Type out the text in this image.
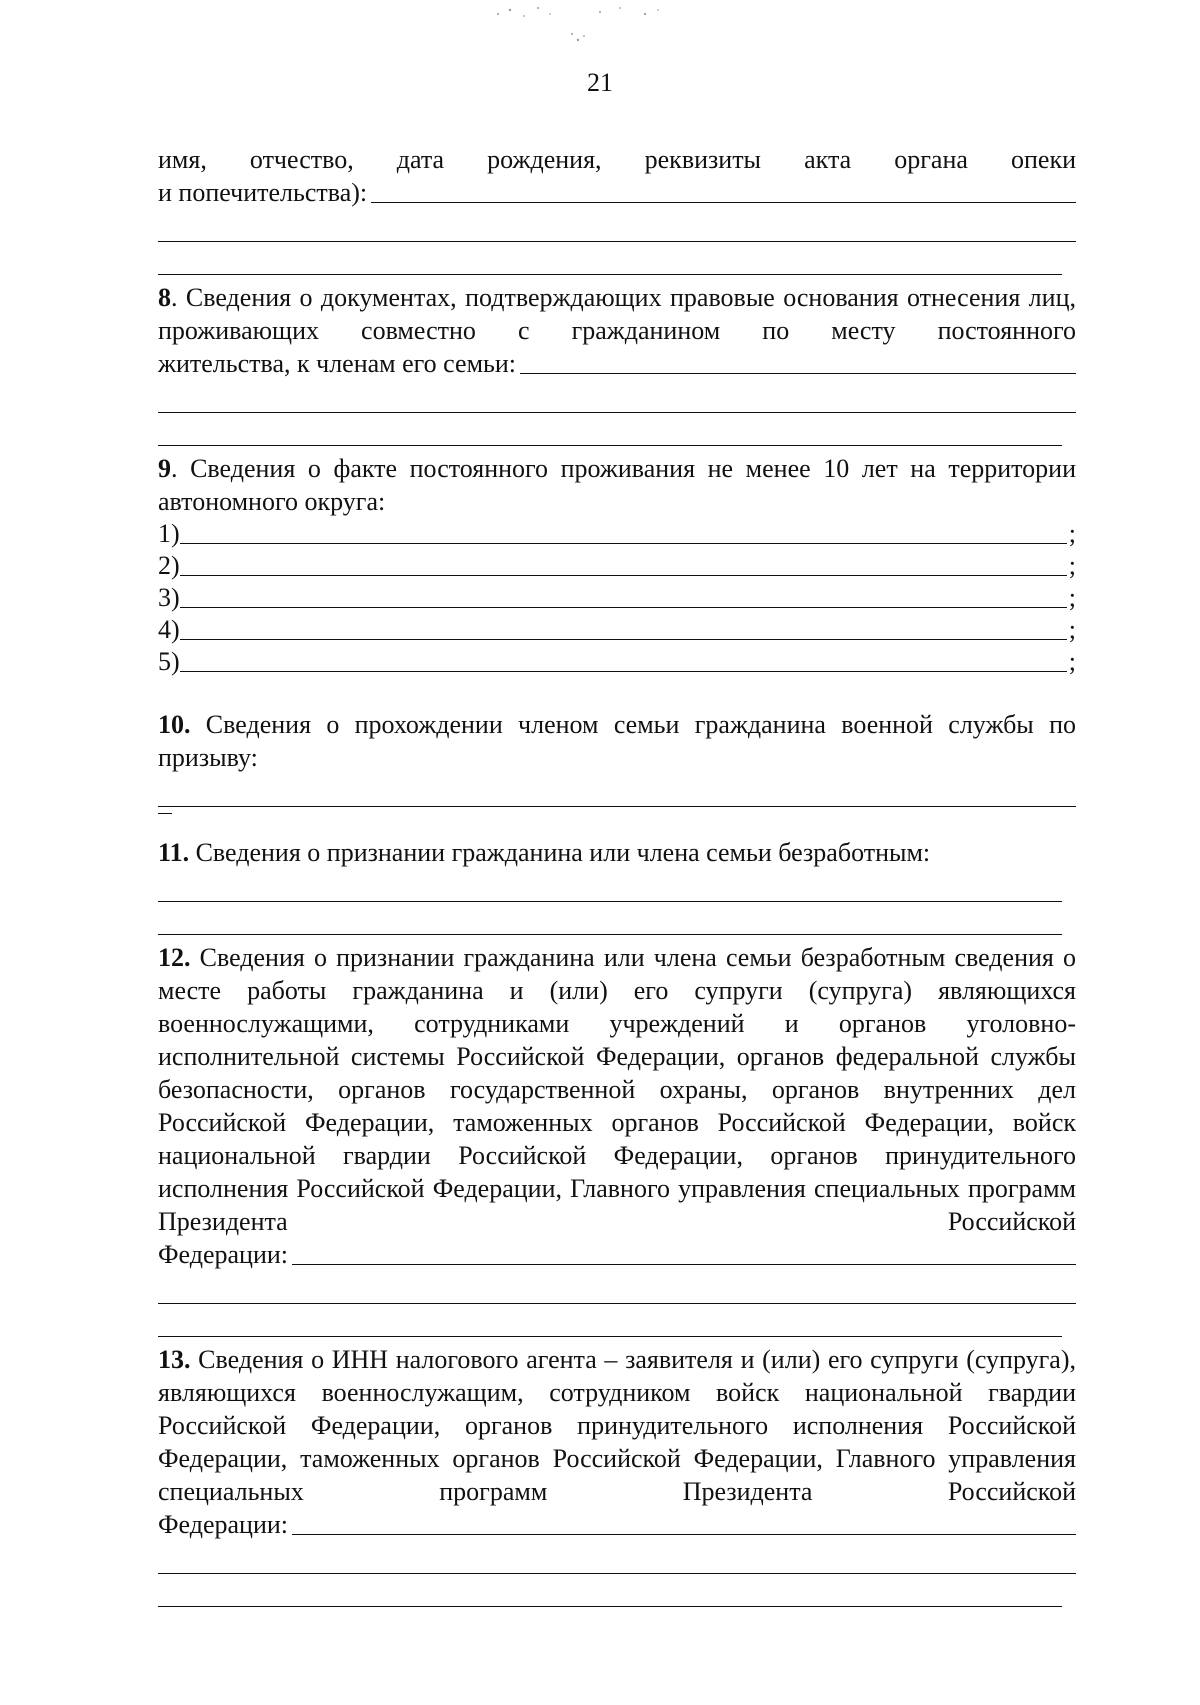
21

имя, отчество, дата рождения, реквизиты акта органа опеки

и попечительства):

8. Сведения о документах, подтверждающих правовые основания отнесения лиц, проживающих совместно с гражданином по месту постоянного

жительства, к членам его семьи:

9. Сведения о факте постоянного проживания не менее 10 лет на территории автономного округа:

1)	;
2)	;
3)	;
4)	;
5)	;

10. Сведения о прохождении членом семьи гражданина военной службы по призыву:

11. Сведения о признании гражданина или члена семьи безработным:

12. Сведения о признании гражданина или члена семьи безработным сведения о месте работы гражданина и (или) его супруги (супруга) являющихся военнослужащими, сотрудниками учреждений и органов уголовно-исполнительной системы Российской Федерации, органов федеральной службы безопасности, органов государственной охраны, органов внутренних дел Российской Федерации, таможенных органов Российской Федерации, войск национальной гвардии Российской Федерации, органов принудительного исполнения Российской Федерации, Главного управления специальных программ Президента Российской

Федерации:

13. Сведения о ИНН налогового агента – заявителя и (или) его супруги (супруга), являющихся военнослужащим, сотрудником войск национальной гвардии Российской Федерации, органов принудительного исполнения Российской Федерации, таможенных органов Российской Федерации, Главного управления специальных программ Президента Российской

Федерации:
